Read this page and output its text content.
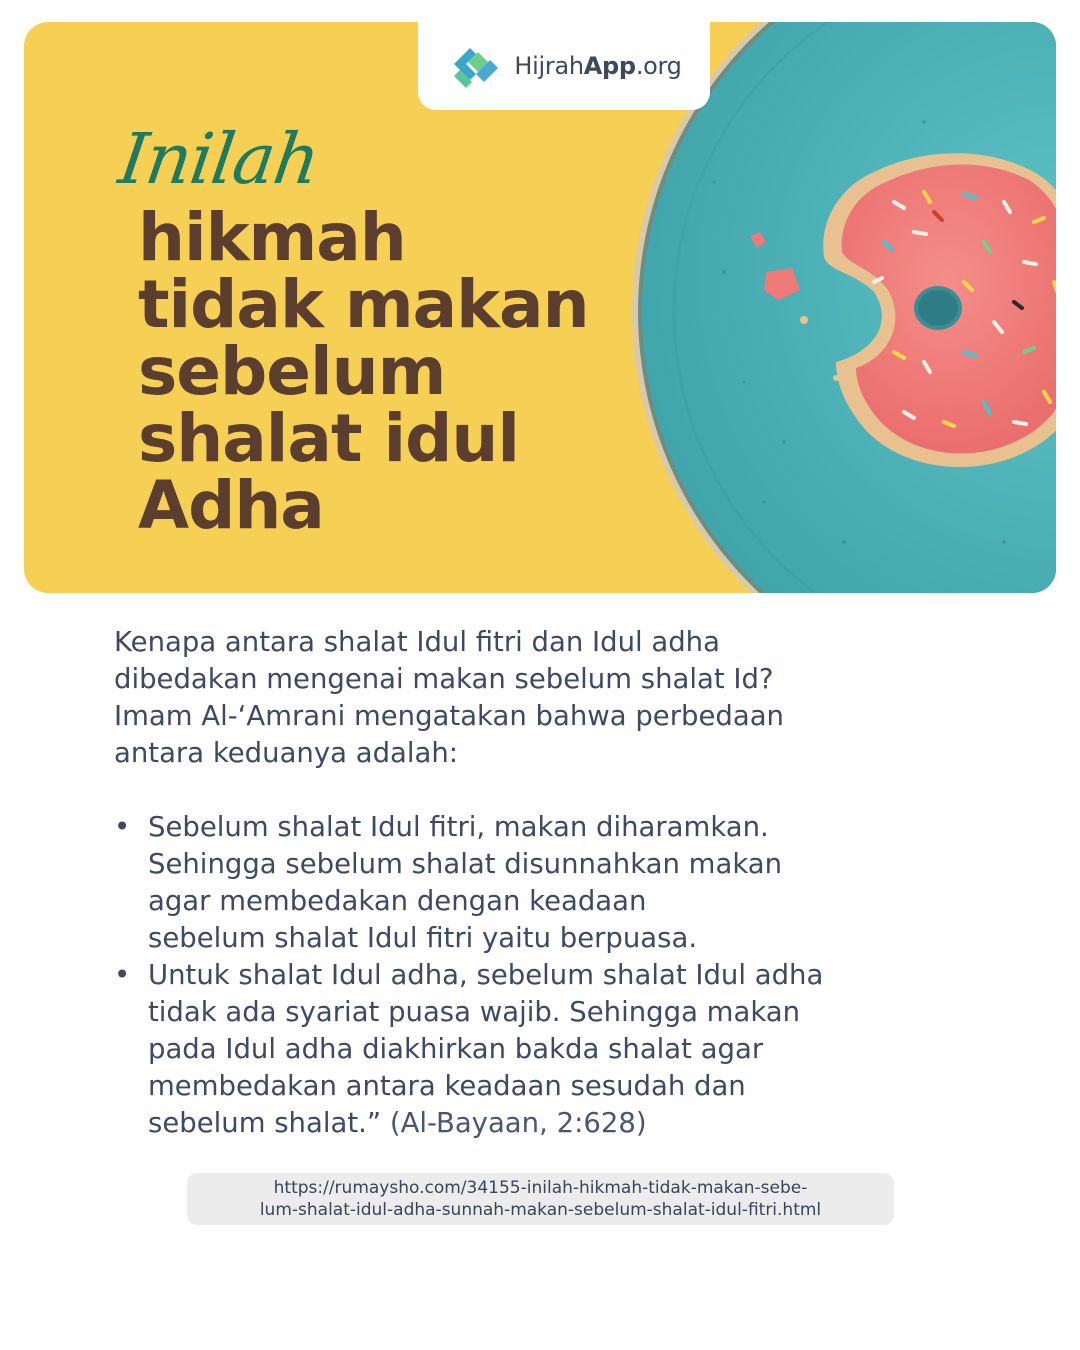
HijrahApp.org
Inilah
hikmah
tidak makan
sebelum
shalat idul
Adha

Kenapa antara shalat Idul fitri dan Idul adha

dibedakan mengenai makan sebelum shalat Id?

Imam Al-‘Amrani mengatakan bahwa perbedaan

antara keduanya adalah:

• Sebelum shalat Idul fitri, makan diharamkan.
Sehingga sebelum shalat disunnahkan makan
agar membedakan dengan keadaan
sebelum shalat Idul fitri yaitu berpuasa.
• Untuk shalat Idul adha, sebelum shalat Idul adha
tidak ada syariat puasa wajib. Sehingga makan
pada Idul adha diakhirkan bakda shalat agar
membedakan antara keadaan sesudah dan
sebelum shalat.” (Al-Bayaan, 2:628)
https://rumaysho.com/34155-inilah-hikmah-tidak-makan-sebe-
lum-shalat-idul-adha-sunnah-makan-sebelum-shalat-idul-fitri.html
